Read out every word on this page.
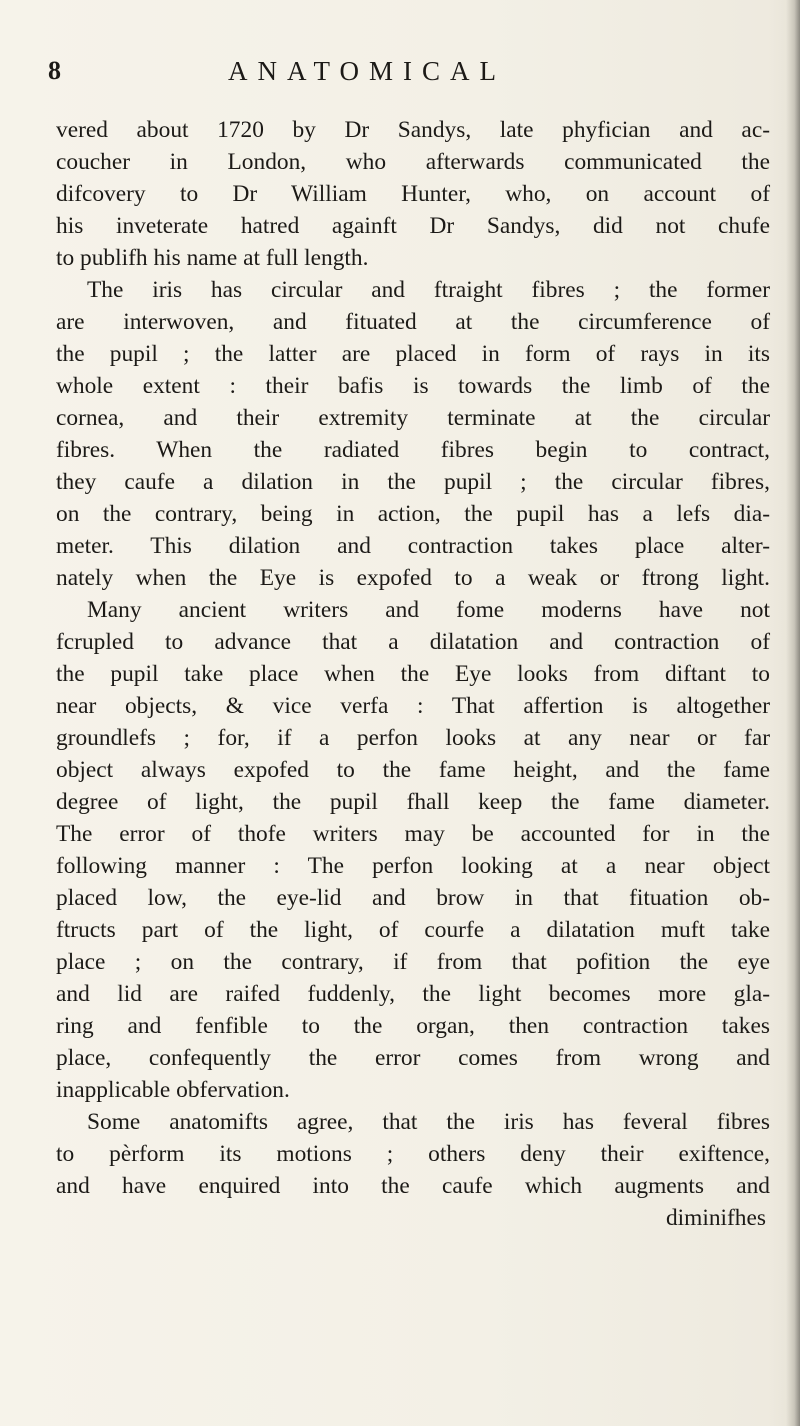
8	ANATOMICAL
vered about 1720 by Dr Sandys, late phyfician and ac-
coucher in London, who afterwards communicated the
difcovery to Dr William Hunter, who, on account of
his inveterate hatred againft Dr Sandys, did not chufe
to publifh his name at full length.
The iris has circular and ftraight fibres ; the former
are interwoven, and fituated at the circumference of
the pupil ; the latter are placed in form of rays in its
whole extent : their bafis is towards the limb of the
cornea, and their extremity terminate at the circular
fibres. When the radiated fibres begin to contract,
they caufe a dilation in the pupil ; the circular fibres,
on the contrary, being in action, the pupil has a lefs dia-
meter. This dilation and contraction takes place alter-
nately when the Eye is expofed to a weak or ftrong light.
Many ancient writers and fome moderns have not
fcrupled to advance that a dilatation and contraction of
the pupil take place when the Eye looks from diftant to
near objects, & vice verfa : That affertion is altogether
groundlefs ; for, if a perfon looks at any near or far
object always expofed to the fame height, and the fame
degree of light, the pupil fhall keep the fame diameter.
The error of thofe writers may be accounted for in the
following manner : The perfon looking at a near object
placed low, the eye-lid and brow in that fituation ob-
ftructs part of the light, of courfe a dilatation muft take
place ; on the contrary, if from that pofition the eye
and lid are raifed fuddenly, the light becomes more gla-
ring and fenfible to the organ, then contraction takes
place, confequently the error comes from wrong and
inapplicable obfervation.
Some anatomifts agree, that the iris has feveral fibres
to pèrform its motions ; others deny their exiftence,
and have enquired into the caufe which augments and
diminifhes
